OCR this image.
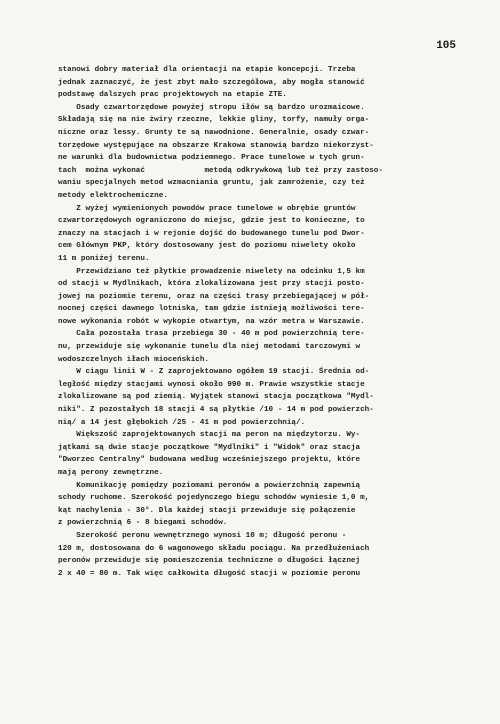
105
stanowi dobry materiał dla orientacji na etapie koncepcji. Trzeba
jednak zaznaczyć, że jest zbyt mało szczegółowa, aby mogła stanowić
podstawę dalszych prac projektowych na etapie ZTE.
Osady czwartorzędowe powyżej stropu iłów są bardzo urozmaicowe.
Składają się na nie żwiry rzeczne, lekkie gliny, torfy, namuły orga-
niczne oraz lessy. Grunty te są nawodnione. Generalnie, osady czwar-
torzędowe występujące na obszarze Krakowa stanowią bardzo niekorzyst-
ne warunki dla budownictwa podziemnego. Prace tunelowe w tych grun-
tach  można wykonać             metodą odkrywkową lub też przy zastoso-
waniu specjalnych metod wzmacniania gruntu, jak zamrożenie, czy też
metody elektrochemiczne.
Z wyżej wymienionych powodów prace tunelowe w obrębie gruntów
czwartorzędowych ograniczono do miejsc, gdzie jest to konieczne, to
znaczy na stacjach i w rejonie dojść do budowanego tunelu pod Dwor-
cem Głównym PKP, który dostosowany jest do poziomu niwelety około
11 m poniżej terenu.
Przewidziano też płytkie prowadzenie niwelety na odcinku 1,5 km
od stacji w Mydlnikach, która zlokalizowana jest przy stacji posto-
jowej na poziomie terenu, oraz na części trasy przebiegającej w pół-
nocnej części dawnego lotniska, tam gdzie istnieją możliwości tere-
nowe wykonania robót w wykopie otwartym, na wzór metra w Warszawie.
Cała pozostała trasa przebiega 30 - 40 m pod powierzchnią tere-
nu, przewiduje się wykonanie tunelu dla niej metodami tarczowymi w
wodoszczelnych iłach mioceńskich.
W ciągu linii W - Z zaprojektowano ogółem 19 stacji. Średnia od-
ległość między stacjami wynosi około 990 m. Prawie wszystkie stacje
zlokalizowane są pod ziemią. Wyjątek stanowi stacja początkowa "Mydl-
niki". Z pozostałych 18 stacji 4 są płytkie /10 - 14 m pod powierzch-
nią/ a 14 jest głębokich /25 - 41 m pod powierzchnią/.
Większość zaprojektowanych stacji ma peron na międzytorzu. Wy-
jątkami są dwie stacje początkowe "Mydlniki" i "Widok" oraz stacja
"Dworzec Centralny" budowana według wcześniejszego projektu, które
mają perony zewnętrzne.
Komunikację pomiędzy poziomami peronów a powierzchnią zapewnią
schody ruchome. Szerokość pojedynczego biegu schodów wyniesie 1,0 m,
kąt nachylenia - 30°. Dla każdej stacji przewiduje się połączenie
z powierzchnią 6 - 8 biegami schodów.
Szerokość peronu wewnętrznego wynosi 10 m; długość peronu -
120 m, dostosowana do 6 wagonowego składu pociągu. Na przedłużeniach
peronów przewiduje się pomieszczenia techniczne o długości łącznej
2 x 40 = 80 m. Tak więc całkowita długość stacji w poziomie peronu
